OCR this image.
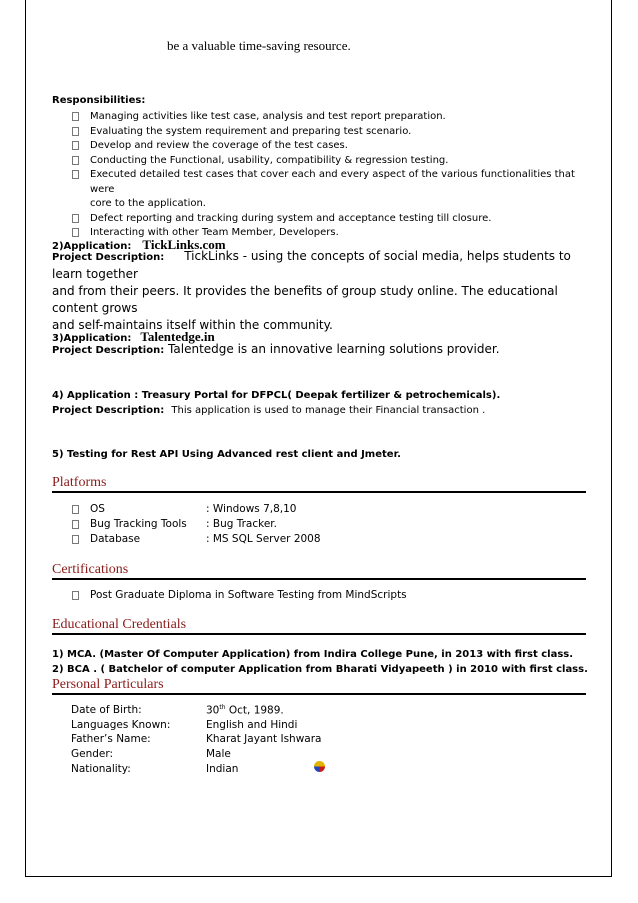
be a valuable time-saving resource.
Responsibilities:
Managing activities like test case, analysis and test report preparation.
Evaluating the system requirement and preparing test scenario.
Develop and review the coverage of the test cases.
Conducting the Functional, usability, compatibility & regression testing.
Executed detailed test cases that cover each and every aspect of the various functionalities that were
core to the application.
Defect reporting and tracking during system and acceptance testing till closure.
Interacting with other Team Member, Developers.
2)Application: TickLinks.com
Project Description: TickLinks - using the concepts of social media, helps students to learn together
and from their peers. It provides the benefits of group study online. The educational content grows
and self-maintains itself within the community.
3)Application: Talentedge.in
Project Description: Talentedge is an innovative learning solutions provider.
4) Application : Treasury Portal for DFPCL( Deepak fertilizer & petrochemicals).
Project Description: This application is used to manage their Financial transaction .
5) Testing for Rest API Using Advanced rest client and Jmeter.
Platforms
OS	: Windows 7,8,10
Bug Tracking Tools : Bug Tracker.
Database	: MS SQL Server 2008
Certifications
Post Graduate Diploma in Software Testing from MindScripts
Educational Credentials
1) MCA. (Master Of Computer Application) from Indira College Pune, in 2013 with first class.
2) BCA . ( Batchelor of computer Application from Bharati Vidyapeeth ) in 2010 with first class.
Personal Particulars
Date of Birth:	30th Oct, 1989.
Languages Known:	English and Hindi
Father’s Name:	Kharat Jayant Ishwara
Gender:	Male
Nationality:	Indian
